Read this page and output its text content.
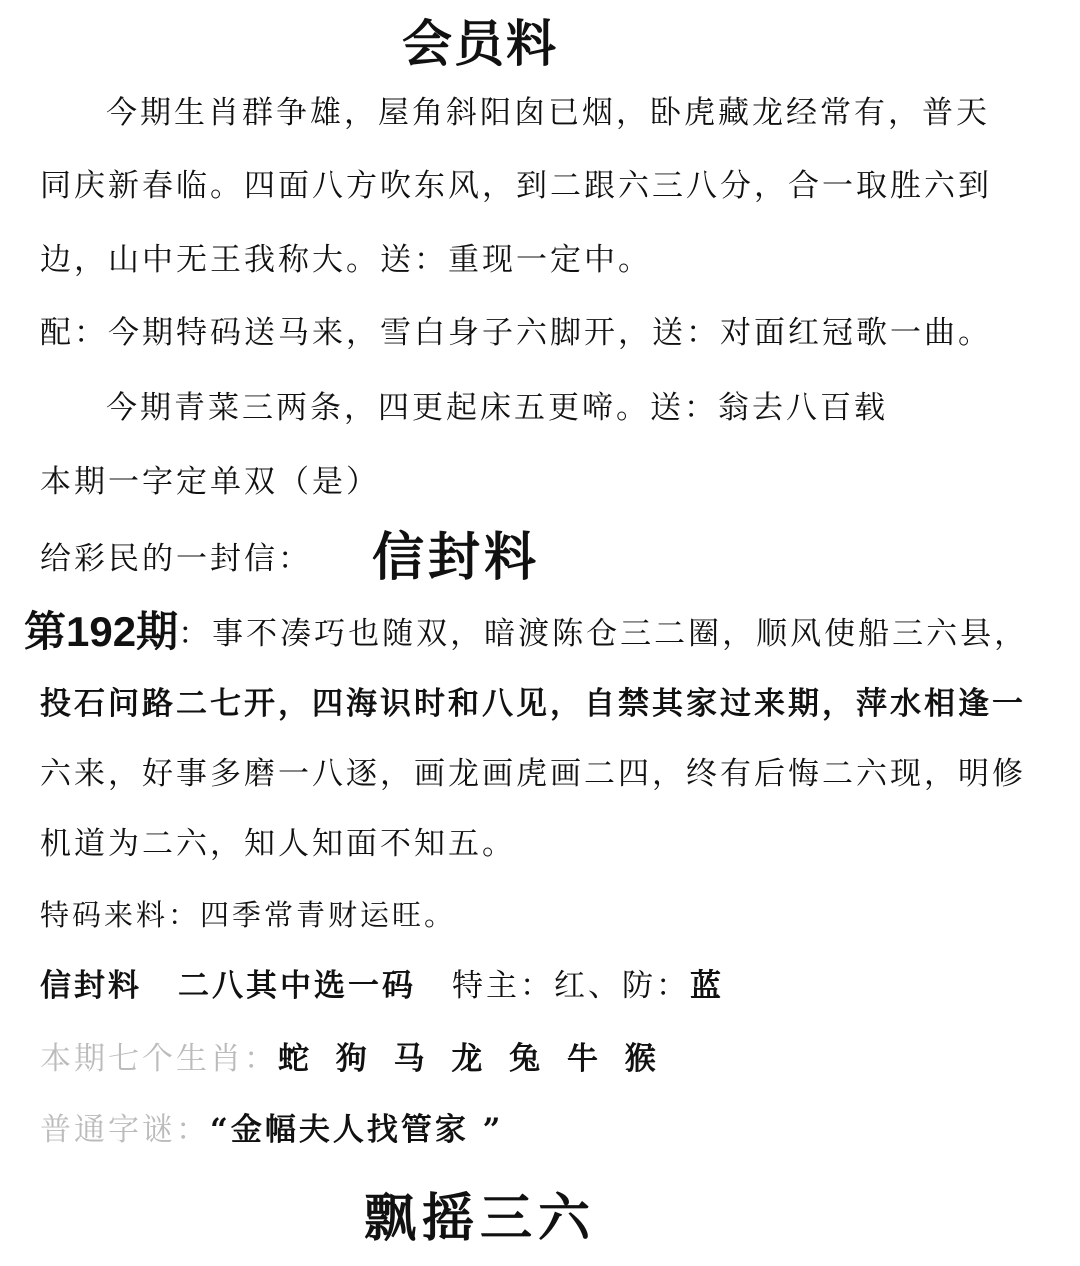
会员料
今期生肖群争雄，屋角斜阳囱已烟，卧虎藏龙经常有，普天
同庆新春临。四面八方吹东风，到二跟六三八分，合一取胜六到
边，山中无王我称大。送：重现一定中。
配：今期特码送马来，雪白身子六脚开，送：对面红冠歌一曲。
今期青菜三两条，四更起床五更啼。送：翁去八百载
本期一字定单双（是）
给彩民的一封信： 信封料
第192期：事不凑巧也随双，暗渡陈仓三二圈，顺风使船三六县，
投石问路二七开，四海识时和八见，自禁其家过来期，萍水相逢一
六来，好事多磨一八逐，画龙画虎画二四，终有后悔二六现，明修
机道为二六，知人知面不知五。
特码来料：四季常青财运旺。
信封料 二八其中选一码 特主：红、防：蓝
本期七个生肖：蛇 狗 马 龙 兔 牛 猴
普通字谜：“金幅夫人找管家 ”
飘摇三六
